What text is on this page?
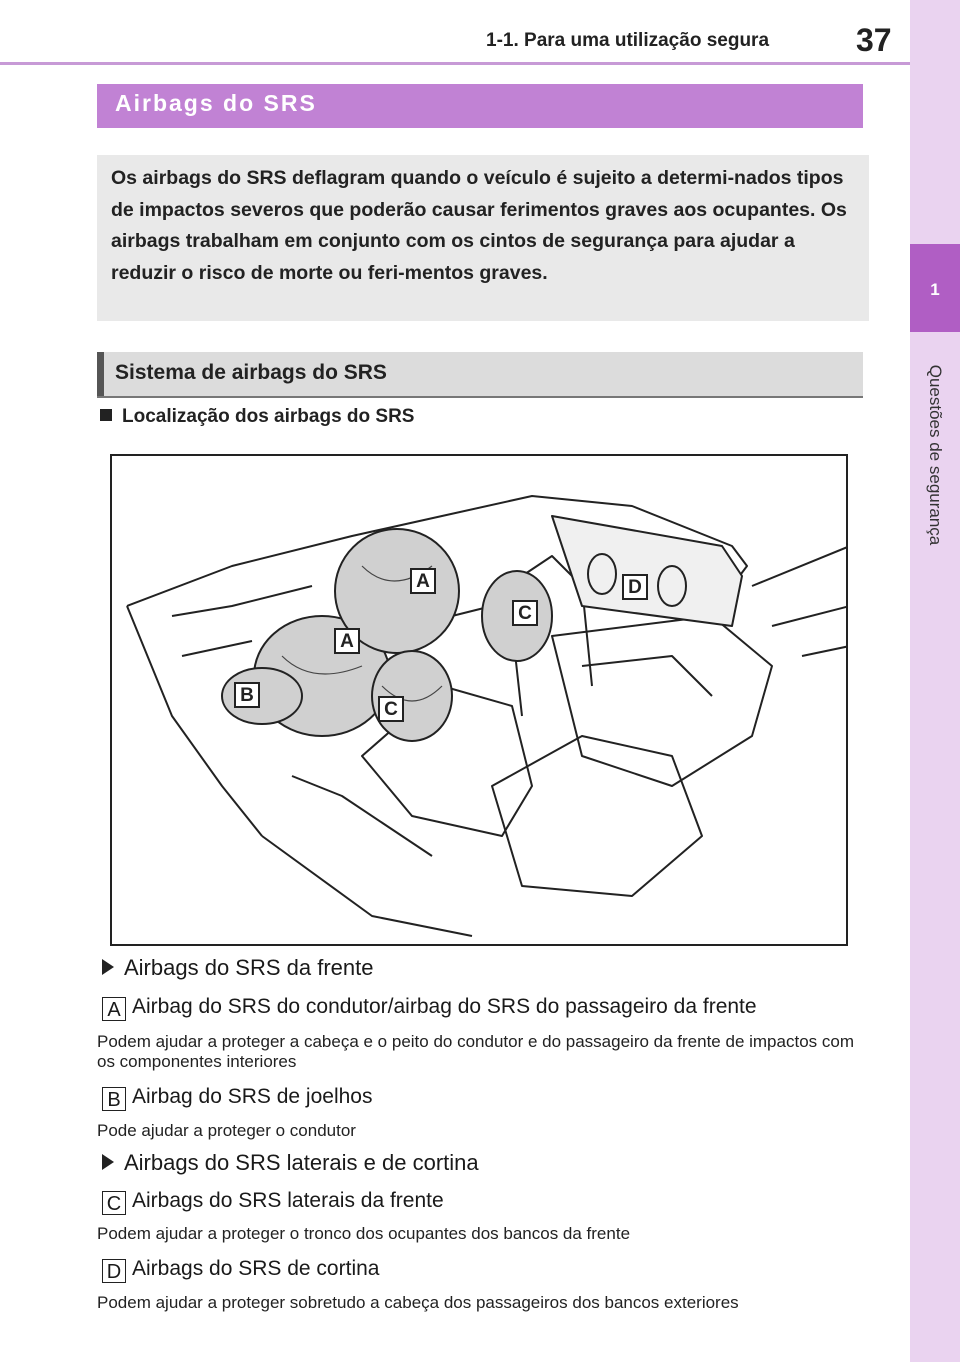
1-1. Para uma utilização segura	37
1
Questões de segurança
Airbags do SRS
Os airbags do SRS deflagram quando o veículo é sujeito a determi-nados tipos de impactos severos que poderão causar ferimentos graves aos ocupantes. Os airbags trabalham em conjunto com os cintos de segurança para ajudar a reduzir o risco de morte ou feri-mentos graves.
Sistema de airbags do SRS
Localização dos airbags do SRS
A
A
B
C
C
D
Airbags do SRS da frente
A Airbag do SRS do condutor/airbag do SRS do passageiro da frente
Podem ajudar a proteger a cabeça e o peito do condutor e do passageiro da frente de impactos com os componentes interiores
B Airbag do SRS de joelhos
Pode ajudar a proteger o condutor
Airbags do SRS laterais e de cortina
C Airbags do SRS laterais da frente
Podem ajudar a proteger o tronco dos ocupantes dos bancos da frente
D Airbags do SRS de cortina
Podem ajudar a proteger sobretudo a cabeça dos passageiros dos bancos exteriores
